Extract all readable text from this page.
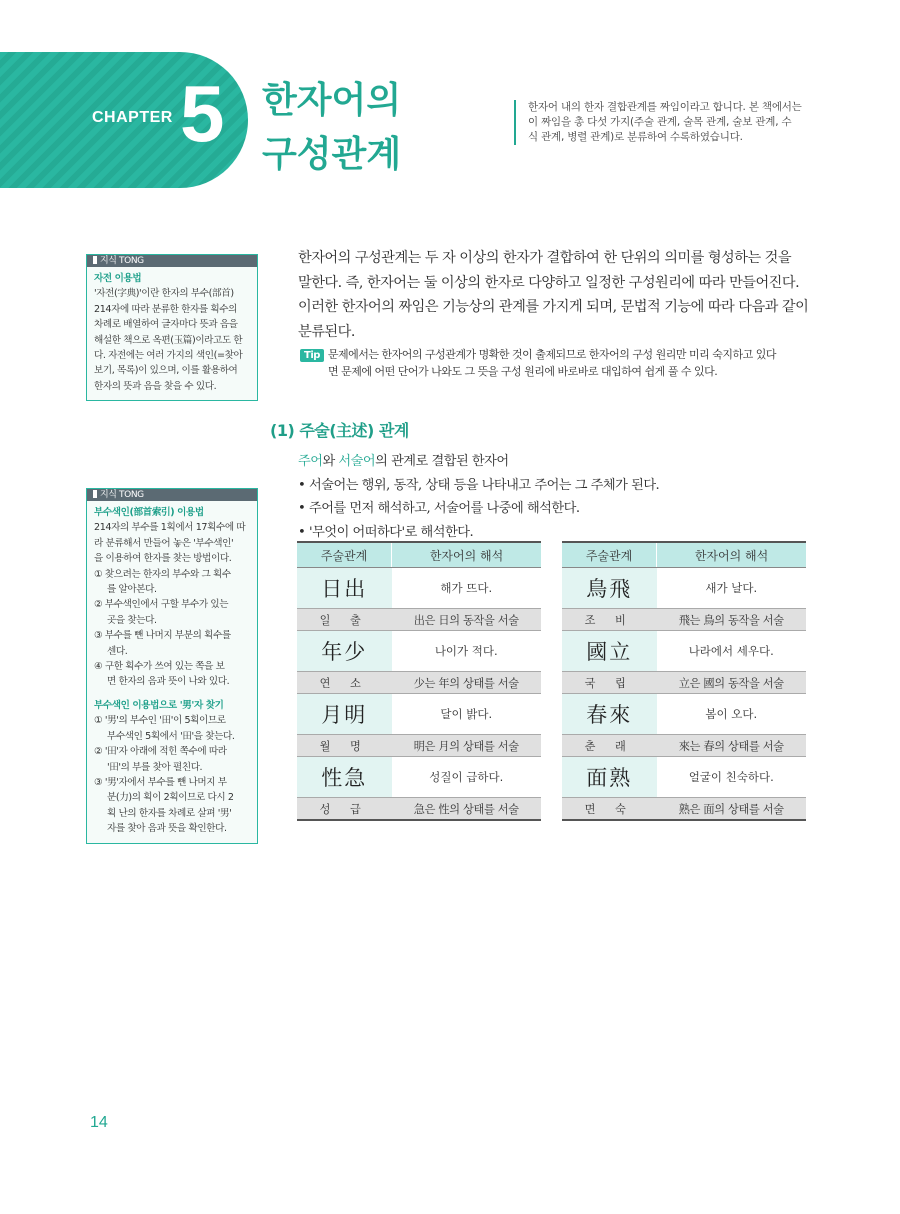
CHAPTER 5 한자어의
구성관계
한자어 내의 한자 결합관계를 짜임이라고 합니다. 본 책에서는
이 짜임을 총 다섯 가지(주술 관계, 술목 관계, 술보 관계, 수
식 관계, 병렬 관계)로 분류하여 수록하였습니다.
지식 TONG
자전 이용법
'자전(字典)'이란 한자의 부수(部首)
214자에 따라 분류한 한자를 획수의
차례로 배열하여 글자마다 뜻과 음을
해설한 책으로 옥편(玉篇)이라고도 한
다. 자전에는 여러 가지의 색인(=찾아
보기, 목록)이 있으며, 이를 활용하여
한자의 뜻과 음을 찾을 수 있다.
지식 TONG
부수색인(部首索引) 이용법
214자의 부수를 1획에서 17획수에 따
라 분류해서 만들어 놓은 '부수색인'
을 이용하여 한자를 찾는 방법이다.
① 찾으려는 한자의 부수와 그 획수
를 알아본다.
② 부수색인에서 구할 부수가 있는
곳을 찾는다.
③ 부수를 뺀 나머지 부분의 획수를
센다.
④ 구한 획수가 쓰여 있는 쪽을 보
면 한자의 음과 뜻이 나와 있다.
부수색인 이용법으로 '男'자 찾기
① '男'의 부수인 '田'이 5획이므로
부수색인 5획에서 '田'을 찾는다.
② '田'자 아래에 적힌 쪽수에 따라
'田'의 부를 찾아 펼친다.
③ '男'자에서 부수를 뺀 나머지 부
분(力)의 획이 2획이므로 다시 2
획 난의 한자를 차례로 살펴 '男'
자를 찾아 음과 뜻을 확인한다.
한자어의 구성관계는 두 자 이상의 한자가 결합하여 한 단위의 의미를 형성하는 것을
말한다. 즉, 한자어는 둘 이상의 한자로 다양하고 일정한 구성원리에 따라 만들어진다.
이러한 한자어의 짜임은 기능상의 관계를 가지게 되며, 문법적 기능에 따라 다음과 같이
분류된다.
Tip 문제에서는 한자어의 구성관계가 명확한 것이 출제되므로 한자어의 구성 원리만 미리 숙지하고 있다
면 문제에 어떤 단어가 나와도 그 뜻을 구성 원리에 바로바로 대입하여 쉽게 풀 수 있다.
(1) 주술(主述) 관계
주어와 서술어의 관계로 결합된 한자어
• 서술어는 행위, 동작, 상태 등을 나타내고 주어는 그 주체가 된다.
• 주어를 먼저 해석하고, 서술어를 나중에 해석한다.
• '무엇이 어떠하다'로 해석한다.
주술관계	한자어의 해석
日出	해가 뜨다.
일 출	出은 日의 동작을 서술
年少	나이가 적다.
연 소	少는 年의 상태를 서술
月明	달이 밝다.
월 명	明은 月의 상태를 서술
性急	성질이 급하다.
성 급	急은 性의 상태를 서술
주술관계	한자어의 해석
鳥飛	새가 날다.
조 비	飛는 鳥의 동작을 서술
國立	나라에서 세우다.
국 립	立은 國의 동작을 서술
春來	봄이 오다.
춘 래	來는 春의 상태를 서술
面熟	얼굴이 친숙하다.
면 숙	熟은 面의 상태를 서술
14
